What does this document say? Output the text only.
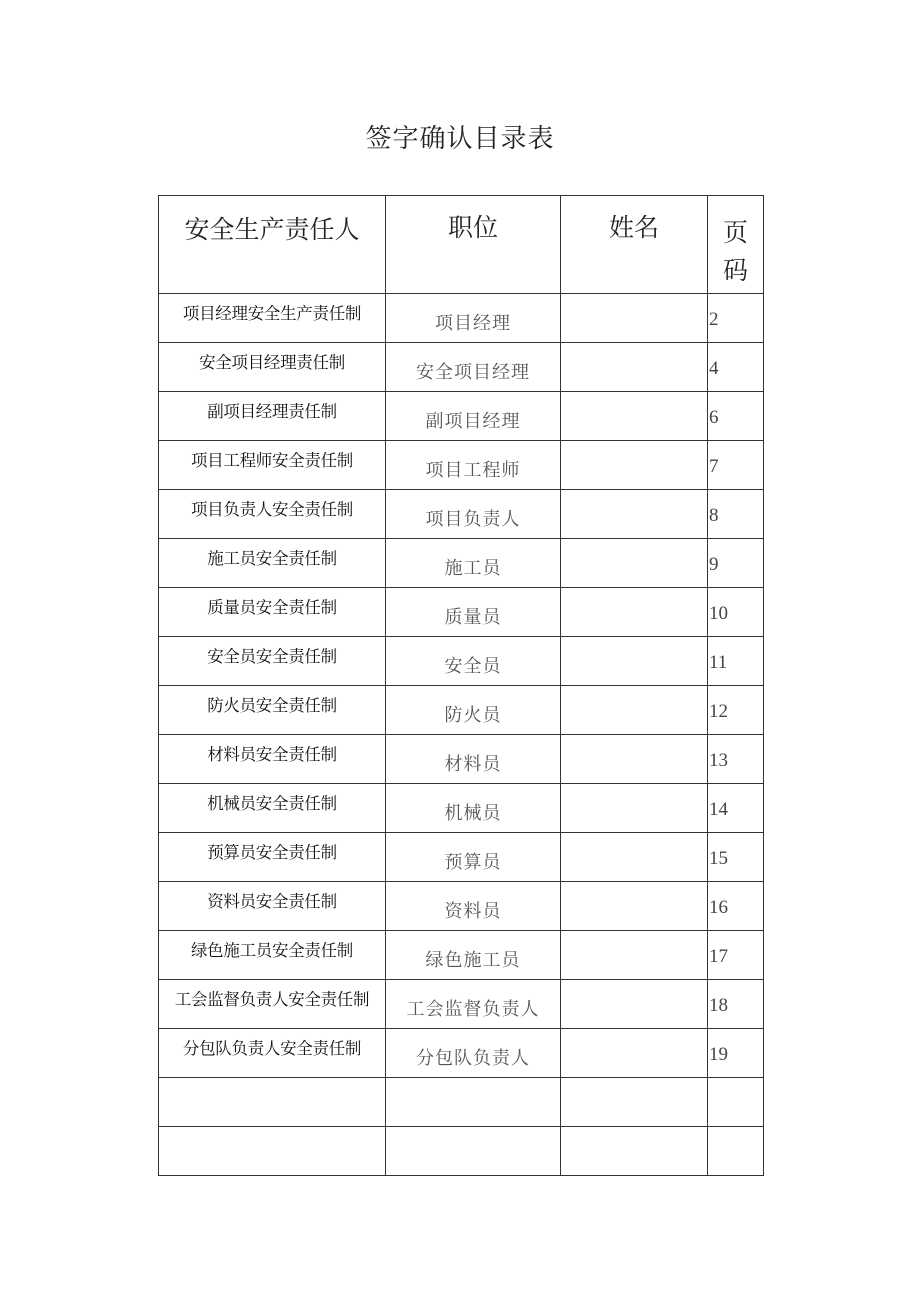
签字确认目录表
安全生产责任人	职位	姓名	页
码

项目经理安全生产责任制	项目经理		2

安全项目经理责任制	安全项目经理		4

副项目经理责任制	副项目经理		6

项目工程师安全责任制	项目工程师		7

项目负责人安全责任制	项目负责人		8

施工员安全责任制	施工员		9

质量员安全责任制	质量员		10

安全员安全责任制	安全员		11

防火员安全责任制	防火员		12

材料员安全责任制	材料员		13

机械员安全责任制	机械员		14

预算员安全责任制	预算员		15

资料员安全责任制	资料员		16

绿色施工员安全责任制	绿色施工员		17

工会监督负责人安全责任制	工会监督负责人		18

分包队负责人安全责任制	分包队负责人		19
